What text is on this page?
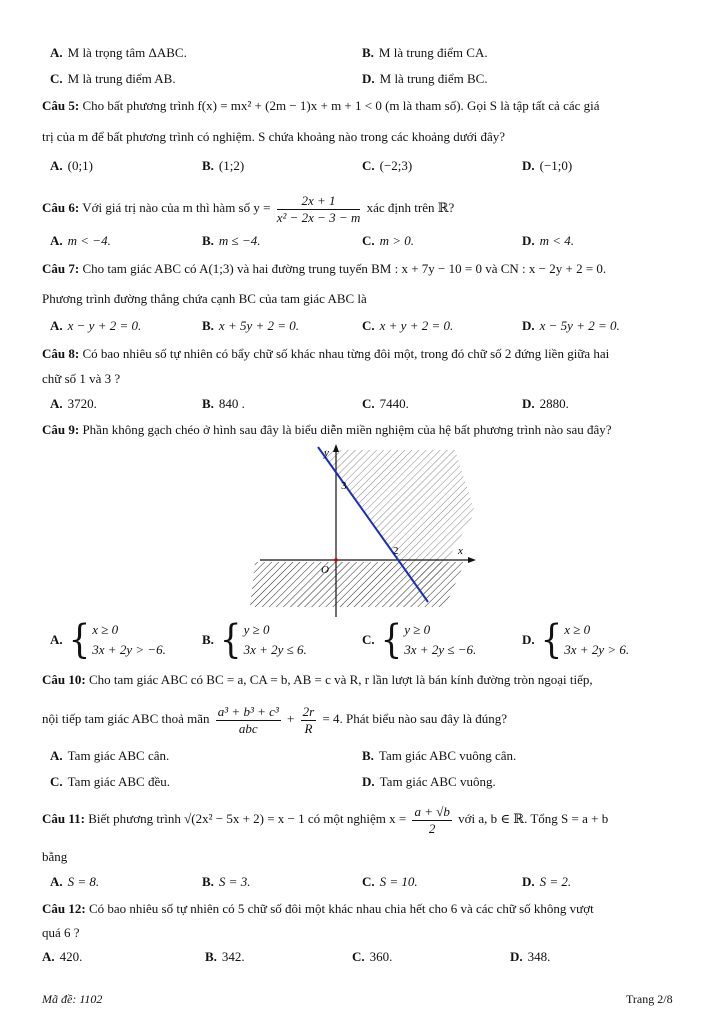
A. M là trọng tâm ΔABC.	B. M là trung điểm CA.
C. M là trung điểm AB.	D. M là trung điểm BC.
Câu 5: Cho bất phương trình f(x) = mx² + (2m − 1)x + m + 1 < 0 (m là tham số). Gọi S là tập tất cả các giá
trị của m để bất phương trình có nghiệm. S chứa khoảng nào trong các khoảng dưới đây?
A. (0;1)	B. (1;2)	C. (−2;3)	D. (−1;0)
Câu 6: Với giá trị nào của m thì hàm số $y = \frac{2x + 1}{\text{x² − 2x − 3 − m}}$ xác định trên ℝ?
A. m < −4.	B. m ≤ −4.	C. m > 0.	D. m < 4.
Câu 7: Cho tam giác ABC có A(1;3) và hai đường trung tuyến BM : x + 7y − 10 = 0 và CN : x − 2y + 2 = 0.
Phương trình đường thẳng chứa cạnh BC của tam giác ABC là
A. x − y + 2 = 0.	B. x + 5y + 2 = 0.	C. x + y + 2 = 0.	D. x − 5y + 2 = 0.
Câu 8: Có bao nhiêu số tự nhiên có bẩy chữ số khác nhau từng đôi một, trong đó chữ số 2 đứng liền giữa hai
chữ số 1 và 3 ?
A. 3720.	B. 840 .	C. 7440.	D. 2880.
Câu 9: Phần không gạch chéo ở hình sau đây là biểu diễn miền nghiệm của hệ bất phương trình nào sau đây?
y
x
O
3
2
A. { x ≥ 0
3x + 2y > −6.
B. { y ≥ 0
3x + 2y ≤ 6.
C. { y ≥ 0
3x + 2y ≤ −6.
D. { x ≥ 0
3x + 2y > 6.
Câu 10: Cho tam giác ABC có BC = a, CA = b, AB = c và R, r lần lượt là bán kính đường tròn ngoại tiếp,
nội tiếp tam giác ABC thoả mãn $\frac{\text{a³ + b³ + c³}}{\text{abc}} + \frac{2r}{R} = 4$. Phát biểu nào sau đây là đúng?
A. Tam giác ABC cân.	B. Tam giác ABC vuông cân.
C. Tam giác ABC đều.	D. Tam giác ABC vuông.
Câu 11: Biết phương trình √(2x² − 5x + 2) = x − 1 có một nghiệm $x = \frac{a + √b}{2}$ với a, b ∈ ℝ. Tổng S = a + b
bằng
A. S = 8.	B. S = 3.	C. S = 10.	D. S = 2.
Câu 12: Có bao nhiêu số tự nhiên có 5 chữ số đôi một khác nhau chia hết cho 6 và các chữ số không vượt
quá 6 ?
A. 420.	B. 342.	C. 360.	D. 348.
Mã đề: 1102	Trang 2/8
